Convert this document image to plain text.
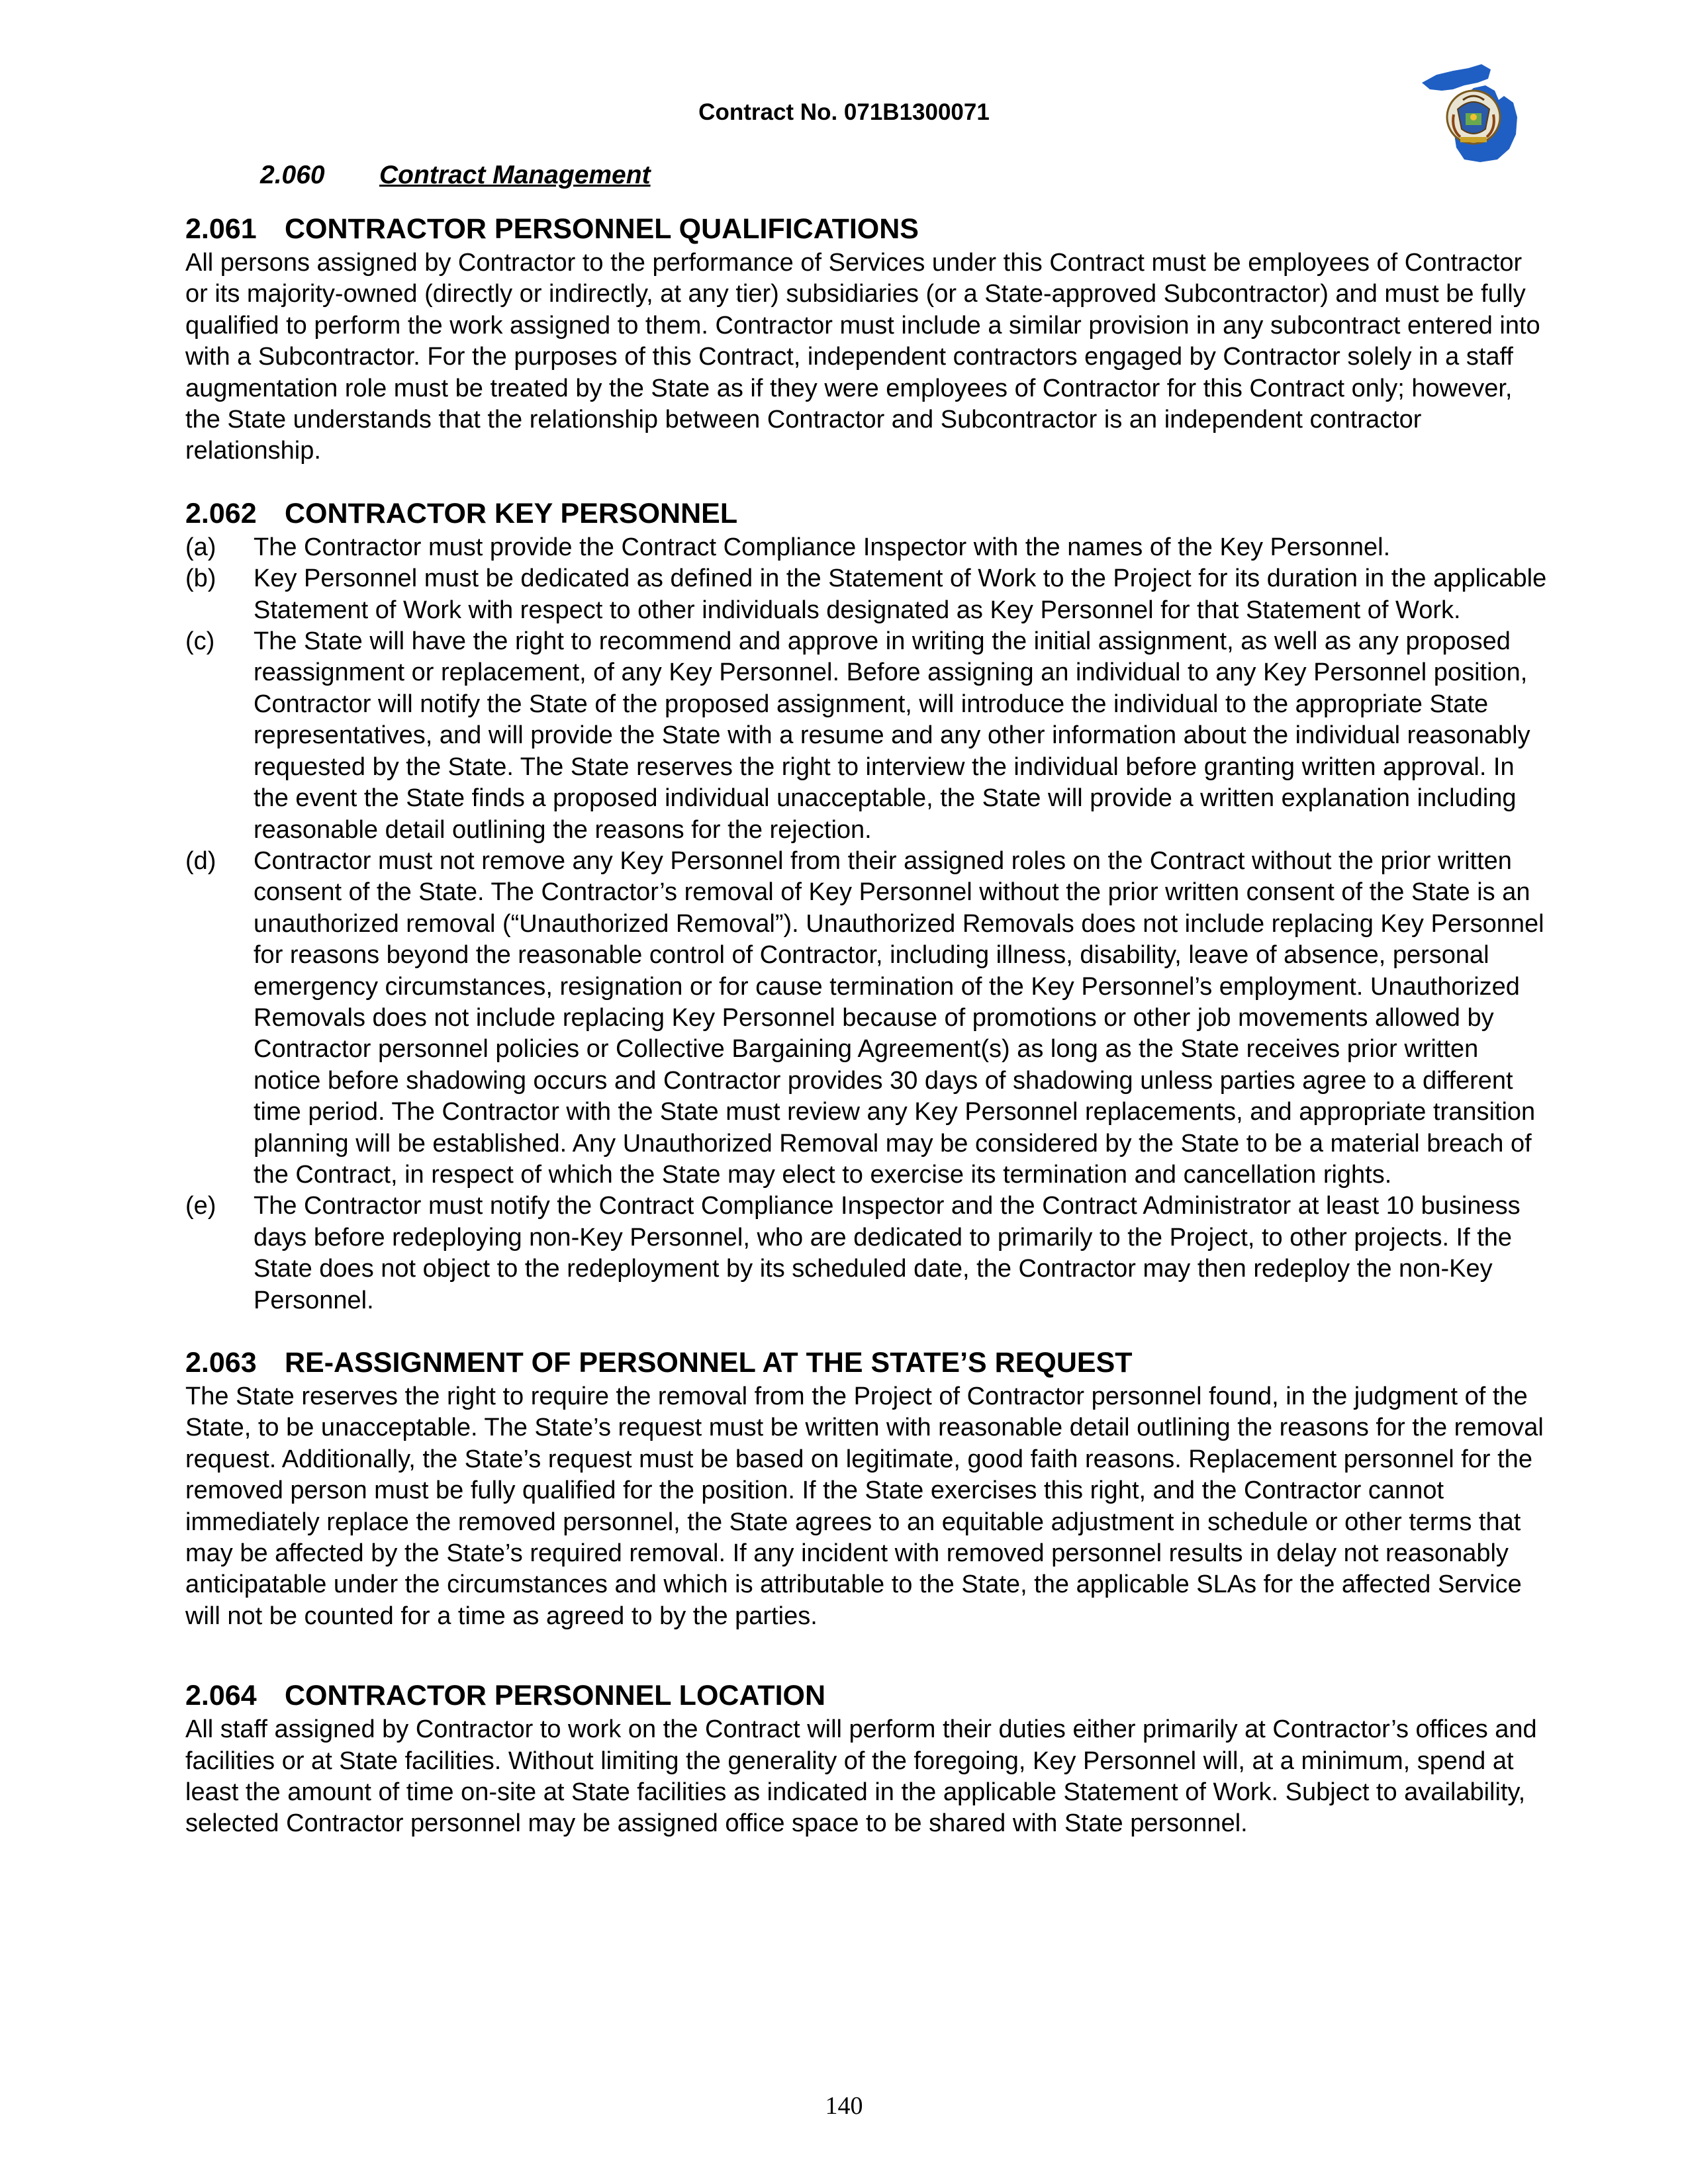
Contract No. 071B1300071
2.060 Contract Management
2.061 CONTRACTOR PERSONNEL QUALIFICATIONS

All persons assigned by Contractor to the performance of Services under this Contract must be employees of Contractor or its majority-owned (directly or indirectly, at any tier) subsidiaries (or a State-approved Subcontractor) and must be fully qualified to perform the work assigned to them. Contractor must include a similar provision in any subcontract entered into with a Subcontractor. For the purposes of this Contract, independent contractors engaged by Contractor solely in a staff augmentation role must be treated by the State as if they were employees of Contractor for this Contract only; however, the State understands that the relationship between Contractor and Subcontractor is an independent contractor relationship.

2.062 CONTRACTOR KEY PERSONNEL
(a) The Contractor must provide the Contract Compliance Inspector with the names of the Key Personnel.
(b) Key Personnel must be dedicated as defined in the Statement of Work to the Project for its duration in the applicable Statement of Work with respect to other individuals designated as Key Personnel for that Statement of Work.
(c) The State will have the right to recommend and approve in writing the initial assignment, as well as any proposed reassignment or replacement, of any Key Personnel. Before assigning an individual to any Key Personnel position, Contractor will notify the State of the proposed assignment, will introduce the individual to the appropriate State representatives, and will provide the State with a resume and any other information about the individual reasonably requested by the State. The State reserves the right to interview the individual before granting written approval. In the event the State finds a proposed individual unacceptable, the State will provide a written explanation including reasonable detail outlining the reasons for the rejection.
(d) Contractor must not remove any Key Personnel from their assigned roles on the Contract without the prior written consent of the State. The Contractor’s removal of Key Personnel without the prior written consent of the State is an unauthorized removal (“Unauthorized Removal”). Unauthorized Removals does not include replacing Key Personnel for reasons beyond the reasonable control of Contractor, including illness, disability, leave of absence, personal emergency circumstances, resignation or for cause termination of the Key Personnel’s employment. Unauthorized Removals does not include replacing Key Personnel because of promotions or other job movements allowed by Contractor personnel policies or Collective Bargaining Agreement(s) as long as the State receives prior written notice before shadowing occurs and Contractor provides 30 days of shadowing unless parties agree to a different time period. The Contractor with the State must review any Key Personnel replacements, and appropriate transition planning will be established. Any Unauthorized Removal may be considered by the State to be a material breach of the Contract, in respect of which the State may elect to exercise its termination and cancellation rights.
(e) The Contractor must notify the Contract Compliance Inspector and the Contract Administrator at least 10 business days before redeploying non-Key Personnel, who are dedicated to primarily to the Project, to other projects. If the State does not object to the redeployment by its scheduled date, the Contractor may then redeploy the non-Key Personnel.
2.063 RE-ASSIGNMENT OF PERSONNEL AT THE STATE’S REQUEST

The State reserves the right to require the removal from the Project of Contractor personnel found, in the judgment of the State, to be unacceptable. The State’s request must be written with reasonable detail outlining the reasons for the removal request. Additionally, the State’s request must be based on legitimate, good faith reasons. Replacement personnel for the removed person must be fully qualified for the position. If the State exercises this right, and the Contractor cannot immediately replace the removed personnel, the State agrees to an equitable adjustment in schedule or other terms that may be affected by the State’s required removal. If any incident with removed personnel results in delay not reasonably anticipatable under the circumstances and which is attributable to the State, the applicable SLAs for the affected Service will not be counted for a time as agreed to by the parties.

2.064 CONTRACTOR PERSONNEL LOCATION

All staff assigned by Contractor to work on the Contract will perform their duties either primarily at Contractor’s offices and facilities or at State facilities. Without limiting the generality of the foregoing, Key Personnel will, at a minimum, spend at least the amount of time on-site at State facilities as indicated in the applicable Statement of Work. Subject to availability, selected Contractor personnel may be assigned office space to be shared with State personnel.

140
